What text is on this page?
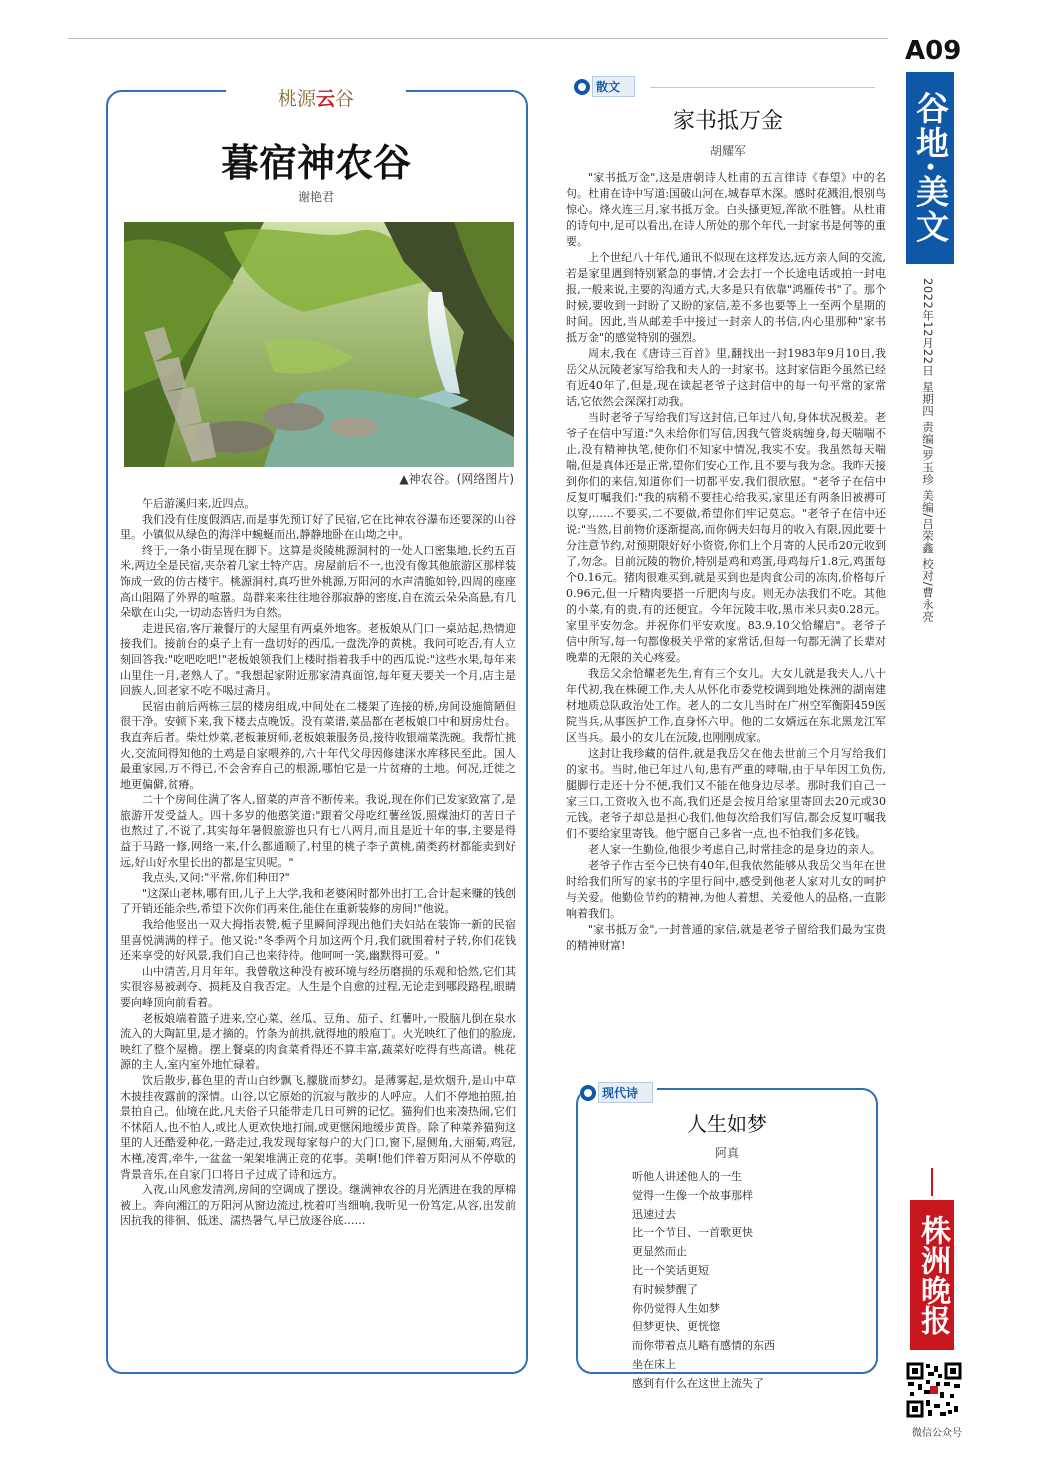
A09
谷地·美文
2022年12月22日 星期四 责编/罗玉珍 美编/吕荣鑫 校对/曹永亮
株洲晚报
微信公众号
桃源云谷
暮宿神农谷
谢艳君
▲神农谷。(网络图片)

午后游溪归来,近四点。

我们没有住度假酒店,而是事先预订好了民宿,它在比神农谷瀑布还要深的山谷里。小镇似从绿色的海洋中蜿蜒而出,静静地卧在山坳之中。

终于,一条小街呈现在脚下。这算是炎陵桃源洞村的一处人口密集地,长约五百米,两边全是民宿,夹杂着几家土特产店。房屋前后不一,也没有像其他旅游区那样装饰成一致的仿古楼宇。桃源洞村,真巧世外桃源,万阳河的水声清脆如铃,四周的座座高山阻隔了外界的喧嚣。岛群来来往往地谷那寂静的密度,自在流云朵朵高悬,有几朵歇在山尖,一切动态皆归为自然。

走进民宿,客厅兼餐厅的大屋里有两桌外地客。老板娘从门口一桌站起,热情迎接我们。接前台的桌子上有一盘切好的西瓜,一盘洗净的黄桃。我问可吃否,有人立刻回答我:"吃吧吃吧!"老板娘领我们上楼时指着我手中的西瓜说:"这些水果,每年来山里住一月,老熟人了。"我想起家附近那家清真面馆,每年夏天要关一个月,店主是回族人,回老家不吃不喝过斋月。

民宿由前后两栋三层的楼房组成,中间处在二楼架了连接的桥,房间设施简陋但很干净。安顿下来,我下楼去点晚饭。没有菜谱,菜品都在老板娘口中和厨房灶台。我直奔后者。柴灶炒菜,老板兼厨师,老板娘兼服务员,接待收银端菜洗碗。我帮忙挑火,交流间得知他的土鸡是自家喂养的,六十年代父母因修建洣水库移民至此。国人最重家园,万不得已,不会舍弃自己的根源,哪怕它是一片贫瘠的土地。何况,迁徙之地更偏僻,贫瘠。

二十个房间住满了客人,留菜的声音不断传来。我说,现在你们已发家致富了,是旅游开发受益人。四十多岁的他憨笑道:"跟着父母吃红薯丝饭,照煤油灯的苦日子也熬过了,不说了,其实每年暑假旅游也只有七八两月,而且是近十年的事,主要是得益于马路一修,网络一来,什么都通顺了,村里的桃子李子黄桃,菌类药材都能卖到好远,好山好水里长出的都是宝贝呢。"

我点头,又问:"平常,你们种田?"

"这深山老林,哪有田,儿子上大学,我和老婆闲时都外出打工,合计起来赚的钱创了开销还能余些,希望下次你们再来住,能住在重新装修的房间!"他说。

我给他竖出一双大拇指表赞,栀子里瞬间浮现出他们夫妇站在装饰一新的民宿里喜悦满满的样子。他又说:"冬季两个月加这两个月,我们就围着村子转,你们花钱还来享受的好风景,我们自己也来待待。他呵呵一笑,幽默得可爱。"

山中清苦,月月年年。我曾敬这种没有被环境与经历磨损的乐观和恰然,它们其实很容易被剥夺、损耗及自我否定。人生是个自愈的过程,无论走到哪段路程,眼睛要向峰顶向前看着。

老板娘端着篮子进来,空心菜、丝瓜、豆角、茄子、红薯叶,一股脑儿倒在泉水流入的大陶缸里,是才摘的。竹条为前拱,就得地的般庖丁。火光映红了他们的脸庞,映红了整个屋檐。摆上餐桌的肉食菜肴得还不算丰富,蔬菜好吃得有些高谱。桃花源的主人,室内室外地忙碌着。

饮后散步,暮色里的青山白纱飘飞,朦胧而梦幻。是薄雾起,是炊烟升,是山中草木披挂夜露前的深情。山谷,以它原始的沉寂与散步的人呼应。人们不停地拍照,拍景拍自己。仙境在此,凡夫俗子只能带走几日可辨的记忆。猫狗们也来凑热闹,它们不怵陌人,也不怕人,或比人更欢快地打闹,或更惬闲地缓步黄昏。除了种菜养猫狗这里的人还酷爱种花,一路走过,我发现每家每户的大门口,窗下,屋侧角,大丽菊,鸡冠,木槿,凌霄,牵牛,一盆盆一架架堆满正竞的花事。美啊!他们伴着万阳河从不停歇的背景音乐,在自家门口将日子过成了诗和远方。

入夜,山风愈发清冽,房间的空调成了摆设。继满神农谷的月光洒进在我的厚棉被上。奔向湘江的万阳河从窗边流过,枕着叮当细响,我听见一份笃定,从容,出发前因抗我的徘徊、低迷、濡热暑气,早已放逐谷底……

散文
家书抵万金
胡耀军

"家书抵万金",这是唐朝诗人杜甫的五言律诗《春望》中的名句。杜甫在诗中写道:国破山河在,城春草木深。感时花溅泪,恨别鸟惊心。烽火连三月,家书抵万金。白头搔更短,浑欲不胜簪。从杜甫的诗句中,足可以看出,在诗人所处的那个年代,一封家书是何等的重要。

上个世纪八十年代,通讯不似现在这样发达,远方亲人间的交流,若是家里遇到特别紧急的事情,才会去打一个长途电话或拍一封电报,一般来说,主要的沟通方式,大多是只有依靠"鸿雁传书"了。那个时候,要收到一封盼了又盼的家信,差不多也要等上一至两个星期的时间。因此,当从邮差手中接过一封亲人的书信,内心里那种"家书抵万金"的感觉特别的强烈。

周末,我在《唐诗三百首》里,翻找出一封1983年9月10日,我岳父从沅陵老家写给我和夫人的一封家书。这封家信距今虽然已经有近40年了,但是,现在读起老爷子这封信中的每一句平常的家常话,它依然会深深打动我。

当时老爷子写给我们写这封信,已年过八旬,身体状况极差。老爷子在信中写道:"久未给你们写信,因我气管炎病缠身,每天喘喘不止,没有精神执笔,使你们不知家中情况,我实不安。我虽然每天喘喘,但是真体还是正常,望你们安心工作,且不要与我为念。我昨天接到你们的来信,知道你们一切都平安,我们很欣慰。"老爷子在信中反复叮嘱我们:"我的病稍不要挂心给我买,家里还有两条旧被褥可以穿,……不要买,二不要做,希望你们牢记莫忘。"老爷子在信中还说:"当然,目前物价逐渐提高,而你俩夫妇每月的收入有限,因此要十分注意节约,对预期限好好小资资,你们上个月寄的人民币20元收到了,勿念。目前沅陵的物价,特别是鸡和鸡蛋,母鸡每斤1.8元,鸡蛋每个0.16元。猪肉很难买到,就是买到也是肉食公司的冻肉,价格每斤0.96元,但一斤精肉要搭一斤肥肉与皮。则无办法我们不吃。其他的小菜,有的贵,有的还便宜。今年沅陵丰收,黑市米只卖0.28元。家里平安勿念。并祝你们平安欢度。83.9.10父恰耀启"。老爷子信中所写,每一句都像极关乎常的家常话,但每一句都无满了长辈对晚辈的无限的关心疼爱。

我岳父余恰耀老先生,育有三个女儿。大女儿就是我夫人,八十年代初,我在株硬工作,夫人从怀化市委党校调到地处株洲的湖南建材地质总队政治处工作。老人的二女儿当时在广州空军衡阳459医院当兵,从事医护工作,直身怀六甲。他的二女婿远在东北黑龙江军区当兵。最小的女儿在沅陵,也刚刚成家。

这封让我珍藏的信件,就是我岳父在他去世前三个月写给我们的家书。当时,他已年过八旬,患有严重的哮喘,由于早年因工负伤,腿脚行走还十分不便,我们又不能在他身边尽孝。那时我们自己一家三口,工资收入也不高,我们还是会按月给家里寄回去20元或30元钱。老爷子却总是担心我们,他每次给我们写信,都会反复叮嘱我们不要给家里寄钱。他宁愿自己多省一点,也不怕我们多花钱。

老人家一生勤俭,他很少考虑自己,时常挂念的是身边的亲人。

老爷子作古至今已快有40年,但我依然能够从我岳父当年在世时给我们所写的家书的字里行间中,感受到他老人家对儿女的呵护与关爱。他勤俭节约的精神,为他人着想、关爱他人的品格,一直影响着我们。

"家书抵万金",一封普通的家信,就是老爷子留给我们最为宝贵的精神财富!

现代诗
人生如梦
阿真
听他人讲述他人的一生
觉得一生像一个故事那样
迅速过去
比一个节目、一首歌更快
更显然而止
比一个笑话更短
有时候梦醒了
你仍觉得人生如梦
但梦更快、更恍惚
而你带着点儿略有感情的东西
坐在床上
感到有什么在这世上流失了
